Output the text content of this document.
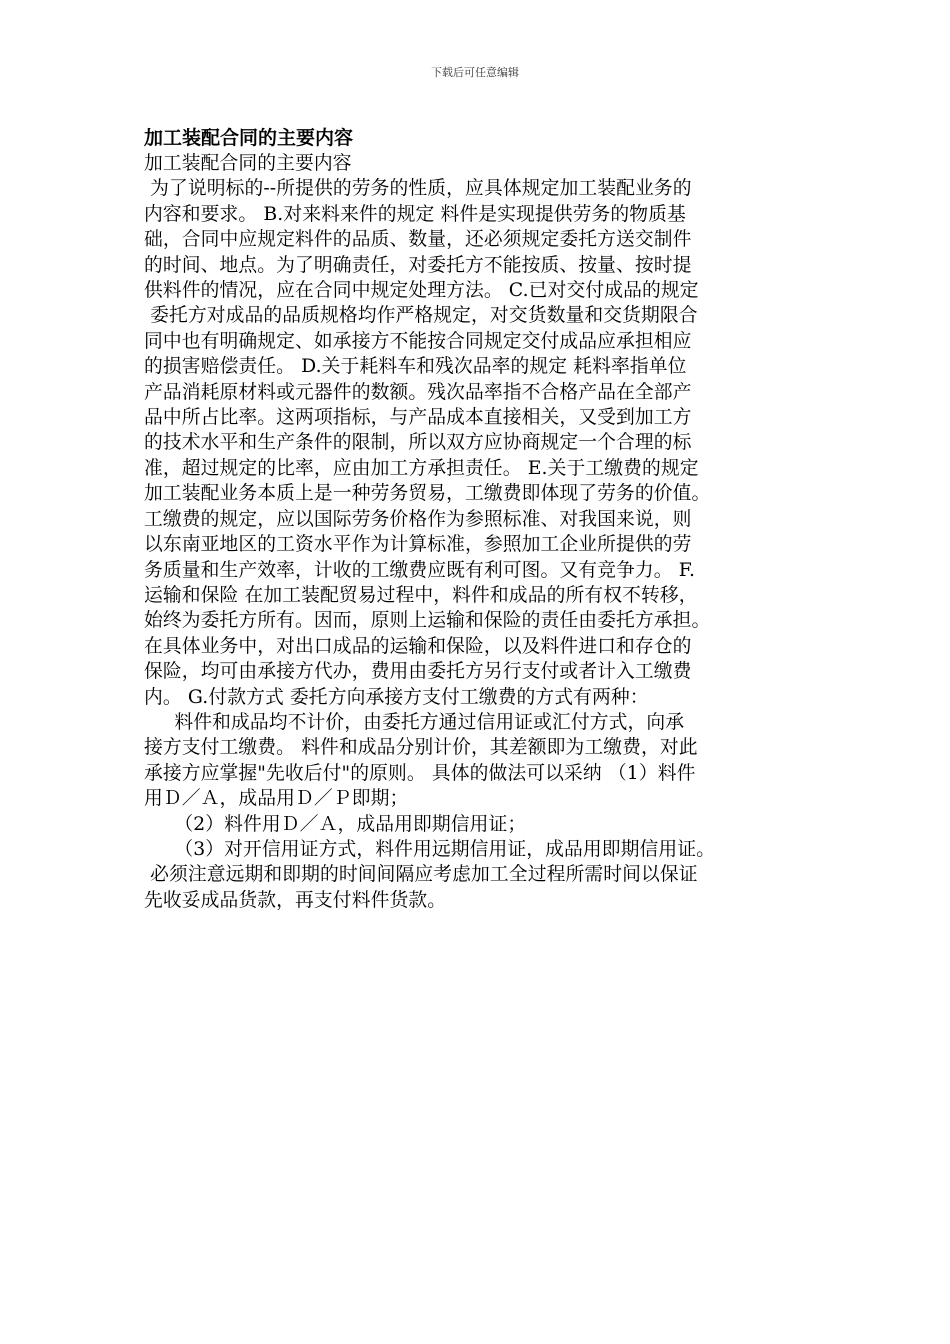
下载后可任意编辑
加工装配合同的主要内容
加工装配合同的主要内容
为了说明标的--所提供的劳务的性质，应具体规定加工装配业务的
内容和要求。 B.对来料来件的规定 料件是实现提供劳务的物质基
础，合同中应规定料件的品质、数量，还必须规定委托方送交制件
的时间、地点。为了明确责任，对委托方不能按质、按量、按时提
供料件的情况，应在合同中规定处理方法。 C.已对交付成品的规定
委托方对成品的品质规格均作严格规定，对交货数量和交货期限合
同中也有明确规定、如承接方不能按合同规定交付成品应承担相应
的损害赔偿责任。 D.关于耗料车和残次品率的规定 耗料率指单位
产品消耗原材料或元器件的数额。残次品率指不合格产品在全部产
品中所占比率。这两项指标，与产品成本直接相关，又受到加工方
的技术水平和生产条件的限制，所以双方应协商规定一个合理的标
准，超过规定的比率，应由加工方承担责任。 E.关于工缴费的规定
加工装配业务本质上是一种劳务贸易，工缴费即体现了劳务的价值。
工缴费的规定，应以国际劳务价格作为参照标准、对我国来说，则
以东南亚地区的工资水平作为计算标准，参照加工企业所提供的劳
务质量和生产效率，计收的工缴费应既有利可图。又有竞争力。 F.
运输和保险 在加工装配贸易过程中，料件和成品的所有权不转移，
始终为委托方所有。因而，原则上运输和保险的责任由委托方承担。
在具体业务中，对出口成品的运输和保险，以及料件进口和存仓的
保险，均可由承接方代办，费用由委托方另行支付或者计入工缴费
内。 G.付款方式 委托方向承接方支付工缴费的方式有两种：
料件和成品均不计价，由委托方通过信用证或汇付方式，向承
接方支付工缴费。 料件和成品分别计价，其差额即为工缴费，对此
承接方应掌握"先收后付"的原则。 具体的做法可以采纳 （1）料件
用Ｄ／Ａ，成品用Ｄ／Ｐ即期；
（2）料件用Ｄ／Ａ，成品用即期信用证；
（3）对开信用证方式，料件用远期信用证，成品用即期信用证。
必须注意远期和即期的时间间隔应考虑加工全过程所需时间以保证
先收妥成品货款，再支付料件货款。
